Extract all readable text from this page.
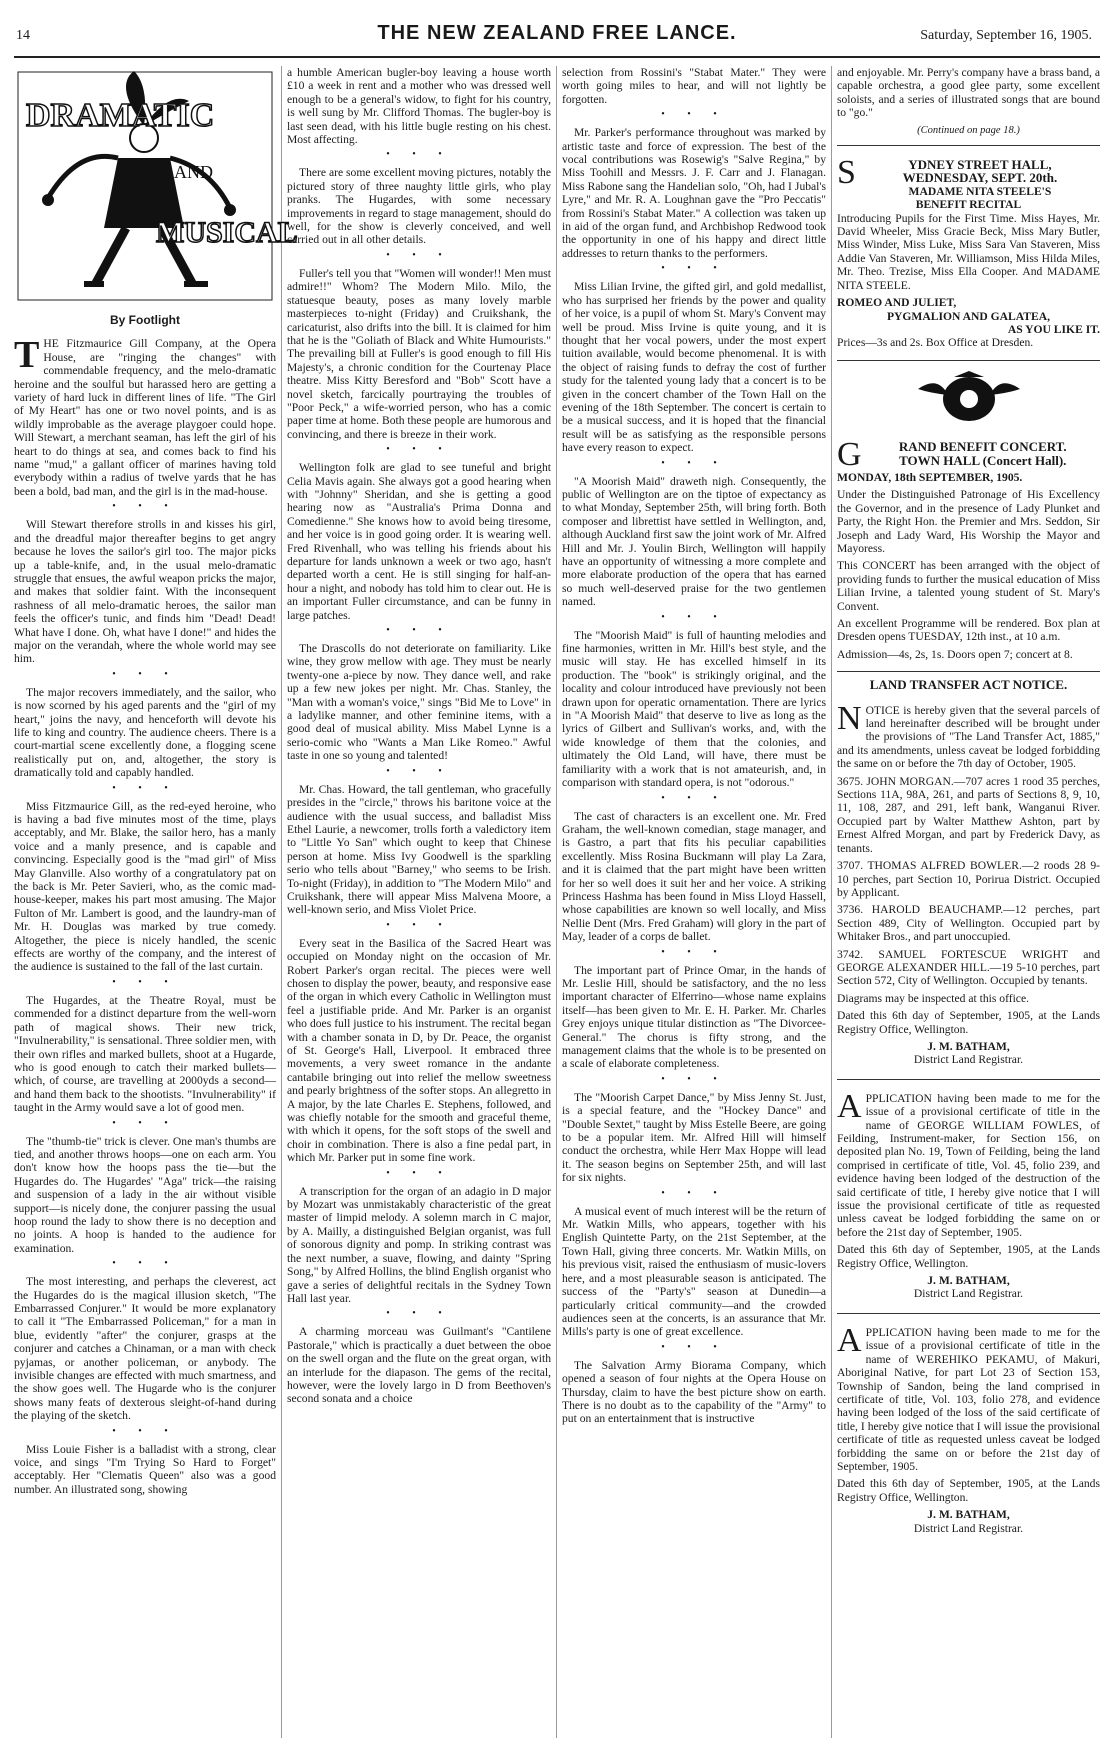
14	THE NEW ZEALAND FREE LANCE.	Saturday, September 16, 1905.
DRAMATIC
AND
MUSICAL
By Footlight

THE Fitzmaurice Gill Company, at the Opera House, are "ringing the changes" with commendable frequency, and the melo-dramatic heroine and the soulful but harassed hero are getting a variety of hard luck in different lines of life. "The Girl of My Heart" has one or two novel points, and is as wildly improbable as the average playgoer could hope. Will Stewart, a merchant seaman, has left the girl of his heart to do things at sea, and comes back to find his name "mud," a gallant officer of marines having told everybody within a radius of twelve yards that he has been a bold, bad man, and the girl is in the mad-house.

• • •

Will Stewart therefore strolls in and kisses his girl, and the dreadful major thereafter begins to get angry because he loves the sailor's girl too. The major picks up a table-knife, and, in the usual melo-dramatic struggle that ensues, the awful weapon pricks the major, and makes that soldier faint. With the inconsequent rashness of all melo-dramatic heroes, the sailor man feels the officer's tunic, and finds him "Dead! Dead! What have I done. Oh, what have I done!" and hides the major on the verandah, where the whole world may see him.

• • •

The major recovers immediately, and the sailor, who is now scorned by his aged parents and the "girl of my heart," joins the navy, and henceforth will devote his life to king and country. The audience cheers. There is a court-martial scene excellently done, a flogging scene realistically put on, and, altogether, the story is dramatically told and capably handled.

• • •

Miss Fitzmaurice Gill, as the red-eyed heroine, who is having a bad five minutes most of the time, plays acceptably, and Mr. Blake, the sailor hero, has a manly voice and a manly presence, and is capable and convincing. Especially good is the "mad girl" of Miss May Glanville. Also worthy of a congratulatory pat on the back is Mr. Peter Savieri, who, as the comic mad-house-keeper, makes his part most amusing. The Major Fulton of Mr. Lambert is good, and the laundry-man of Mr. H. Douglas was marked by true comedy. Altogether, the piece is nicely handled, the scenic effects are worthy of the company, and the interest of the audience is sustained to the fall of the last curtain.

• • •

The Hugardes, at the Theatre Royal, must be commended for a distinct departure from the well-worn path of magical shows. Their new trick, "Invulnerability," is sensational. Three soldier men, with their own rifles and marked bullets, shoot at a Hugarde, who is good enough to catch their marked bullets—which, of course, are travelling at 2000yds a second—and hand them back to the shootists. "Invulnerability" if taught in the Army would save a lot of good men.

• • •

The "thumb-tie" trick is clever. One man's thumbs are tied, and another throws hoops—one on each arm. You don't know how the hoops pass the tie—but the Hugardes do. The Hugardes' "Aga" trick—the raising and suspension of a lady in the air without visible support—is nicely done, the conjurer passing the usual hoop round the lady to show there is no deception and no joints. A hoop is handed to the audience for examination.

• • •

The most interesting, and perhaps the cleverest, act the Hugardes do is the magical illusion sketch, "The Embarrassed Conjurer." It would be more explanatory to call it "The Embarrassed Policeman," for a man in blue, evidently "after" the conjurer, grasps at the conjurer and catches a Chinaman, or a man with check pyjamas, or another policeman, or anybody. The invisible changes are effected with much smartness, and the show goes well. The Hugarde who is the conjurer shows many feats of dexterous sleight-of-hand during the playing of the sketch.

• • •

Miss Louie Fisher is a balladist with a strong, clear voice, and sings "I'm Trying So Hard to Forget" acceptably. Her "Clematis Queen" also was a good number. An illustrated song, showing

a humble American bugler-boy leaving a house worth £10 a week in rent and a mother who was dressed well enough to be a general's widow, to fight for his country, is well sung by Mr. Clifford Thomas. The bugler-boy is last seen dead, with his little bugle resting on his chest. Most affecting.

• • •

There are some excellent moving pictures, notably the pictured story of three naughty little girls, who play pranks. The Hugardes, with some necessary improvements in regard to stage management, should do well, for the show is cleverly conceived, and well carried out in all other details.

• • •

Fuller's tell you that "Women will wonder!! Men must admire!!" Whom? The Modern Milo. Milo, the statuesque beauty, poses as many lovely marble masterpieces to-night (Friday) and Cruikshank, the caricaturist, also drifts into the bill. It is claimed for him that he is the "Goliath of Black and White Humourists." The prevailing bill at Fuller's is good enough to fill His Majesty's, a chronic condition for the Courtenay Place theatre. Miss Kitty Beresford and "Bob" Scott have a novel sketch, farcically pourtraying the troubles of "Poor Peck," a wife-worried person, who has a comic paper time at home. Both these people are humorous and convincing, and there is breeze in their work.

• • •

Wellington folk are glad to see tuneful and bright Celia Mavis again. She always got a good hearing when with "Johnny" Sheridan, and she is getting a good hearing now as "Australia's Prima Donna and Comedienne." She knows how to avoid being tiresome, and her voice is in good going order. It is wearing well. Fred Rivenhall, who was telling his friends about his departure for lands unknown a week or two ago, hasn't departed worth a cent. He is still singing for half-an-hour a night, and nobody has told him to clear out. He is an important Fuller circumstance, and can be funny in large patches.

• • •

The Drascolls do not deteriorate on familiarity. Like wine, they grow mellow with age. They must be nearly twenty-one a-piece by now. They dance well, and rake up a few new jokes per night. Mr. Chas. Stanley, the "Man with a woman's voice," sings "Bid Me to Love" in a ladylike manner, and other feminine items, with a good deal of musical ability. Miss Mabel Lynne is a serio-comic who "Wants a Man Like Romeo." Awful taste in one so young and talented!

• • •

Mr. Chas. Howard, the tall gentleman, who gracefully presides in the "circle," throws his baritone voice at the audience with the usual success, and balladist Miss Ethel Laurie, a newcomer, trolls forth a valedictory item to "Little Yo San" which ought to keep that Chinese person at home. Miss Ivy Goodwell is the sparkling serio who tells about "Barney," who seems to be Irish. To-night (Friday), in addition to "The Modern Milo" and Cruikshank, there will appear Miss Malvena Moore, a well-known serio, and Miss Violet Price.

• • •

Every seat in the Basilica of the Sacred Heart was occupied on Monday night on the occasion of Mr. Robert Parker's organ recital. The pieces were well chosen to display the power, beauty, and responsive ease of the organ in which every Catholic in Wellington must feel a justifiable pride. And Mr. Parker is an organist who does full justice to his instrument. The recital began with a chamber sonata in D, by Dr. Peace, the organist of St. George's Hall, Liverpool. It embraced three movements, a very sweet romance in the andante cantabile bringing out into relief the mellow sweetness and pearly brightness of the softer stops. An allegretto in A major, by the late Charles E. Stephens, followed, and was chiefly notable for the smooth and graceful theme, with which it opens, for the soft stops of the swell and choir in combination. There is also a fine pedal part, in which Mr. Parker put in some fine work.

• • •

A transcription for the organ of an adagio in D major by Mozart was unmistakably characteristic of the great master of limpid melody. A solemn march in C major, by A. Mailly, a distinguished Belgian organist, was full of sonorous dignity and pomp. In striking contrast was the next number, a suave, flowing, and dainty "Spring Song," by Alfred Hollins, the blind English organist who gave a series of delightful recitals in the Sydney Town Hall last year.

• • •

A charming morceau was Guilmant's "Cantilene Pastorale," which is practically a duet between the oboe on the swell organ and the flute on the great organ, with an interlude for the diapason. The gems of the recital, however, were the lovely largo in D from Beethoven's second sonata and a choice

selection from Rossini's "Stabat Mater." They were worth going miles to hear, and will not lightly be forgotten.

• • •

Mr. Parker's performance throughout was marked by artistic taste and force of expression. The best of the vocal contributions was Rosewig's "Salve Regina," by Miss Toohill and Messrs. J. F. Carr and J. Flanagan. Miss Rabone sang the Handelian solo, "Oh, had I Jubal's Lyre," and Mr. R. A. Loughnan gave the "Pro Peccatis" from Rossini's Stabat Mater." A collection was taken up in aid of the organ fund, and Archbishop Redwood took the opportunity in one of his happy and direct little addresses to return thanks to the performers.

• • •

Miss Lilian Irvine, the gifted girl, and gold medallist, who has surprised her friends by the power and quality of her voice, is a pupil of whom St. Mary's Convent may well be proud. Miss Irvine is quite young, and it is thought that her vocal powers, under the most expert tuition available, would become phenomenal. It is with the object of raising funds to defray the cost of further study for the talented young lady that a concert is to be given in the concert chamber of the Town Hall on the evening of the 18th September. The concert is certain to be a musical success, and it is hoped that the financial result will be as satisfying as the responsible persons have every reason to expect.

• • •

"A Moorish Maid" draweth nigh. Consequently, the public of Wellington are on the tiptoe of expectancy as to what Monday, September 25th, will bring forth. Both composer and librettist have settled in Wellington, and, although Auckland first saw the joint work of Mr. Alfred Hill and Mr. J. Youlin Birch, Wellington will happily have an opportunity of witnessing a more complete and more elaborate production of the opera that has earned so much well-deserved praise for the two gentlemen named.

• • •

The "Moorish Maid" is full of haunting melodies and fine harmonies, written in Mr. Hill's best style, and the music will stay. He has excelled himself in its production. The "book" is strikingly original, and the locality and colour introduced have previously not been drawn upon for operatic ornamentation. There are lyrics in "A Moorish Maid" that deserve to live as long as the lyrics of Gilbert and Sullivan's works, and, with the wide knowledge of them that the colonies, and ultimately the Old Land, will have, there must be familiarity with a work that is not amateurish, and, in comparison with standard opera, is not "odorous."

• • •

The cast of characters is an excellent one. Mr. Fred Graham, the well-known comedian, stage manager, and is Gastro, a part that fits his peculiar capabilities excellently. Miss Rosina Buckmann will play La Zara, and it is claimed that the part might have been written for her so well does it suit her and her voice. A striking Princess Hashma has been found in Miss Lloyd Hassell, whose capabilities are known so well locally, and Miss Nellie Dent (Mrs. Fred Graham) will glory in the part of May, leader of a corps de ballet.

• • •

The important part of Prince Omar, in the hands of Mr. Leslie Hill, should be satisfactory, and the no less important character of Elferrino—whose name explains itself—has been given to Mr. E. H. Parker. Mr. Charles Grey enjoys unique titular distinction as "The Divorcee-General." The chorus is fifty strong, and the management claims that the whole is to be presented on a scale of elaborate completeness.

• • •

The "Moorish Carpet Dance," by Miss Jenny St. Just, is a special feature, and the "Hockey Dance" and "Double Sextet," taught by Miss Estelle Beere, are going to be a popular item. Mr. Alfred Hill will himself conduct the orchestra, while Herr Max Hoppe will lead it. The season begins on September 25th, and will last for six nights.

• • •

A musical event of much interest will be the return of Mr. Watkin Mills, who appears, together with his English Quintette Party, on the 21st September, at the Town Hall, giving three concerts. Mr. Watkin Mills, on his previous visit, raised the enthusiasm of music-lovers here, and a most pleasurable season is anticipated. The success of the "Party's" season at Dunedin—a particularly critical community—and the crowded audiences seen at the concerts, is an assurance that Mr. Mills's party is one of great excellence.

• • •

The Salvation Army Biorama Company, which opened a season of four nights at the Opera House on Thursday, claim to have the best picture show on earth. There is no doubt as to the capability of the "Army" to put on an entertainment that is instructive

and enjoyable. Mr. Perry's company have a brass band, a capable orchestra, a good glee party, some excellent soloists, and a series of illustrated songs that are bound to "go."

(Continued on page 18.)

S	YDNEY STREET HALL,
WEDNESDAY, SEPT. 20th.

MADAME NITA STEELE'S

BENEFIT RECITAL

Introducing Pupils for the First Time. Miss Hayes, Mr. David Wheeler, Miss Gracie Beck, Miss Mary Butler, Miss Winder, Miss Luke, Miss Sara Van Staveren, Miss Addie Van Staveren, Mr. Williamson, Miss Hilda Miles, Mr. Theo. Trezise, Miss Ella Cooper. And MADAME NITA STEELE.

ROMEO AND JULIET,

PYGMALION AND GALATEA,

AS YOU LIKE IT.

Prices—3s and 2s. Box Office at Dresden.

G	RAND BENEFIT CONCERT.
TOWN HALL (Concert Hall).

MONDAY, 18th SEPTEMBER, 1905.

Under the Distinguished Patronage of His Excellency the Governor, and in the presence of Lady Plunket and Party, the Right Hon. the Premier and Mrs. Seddon, Sir Joseph and Lady Ward, His Worship the Mayor and Mayoress.

This CONCERT has been arranged with the object of providing funds to further the musical education of Miss Lilian Irvine, a talented young student of St. Mary's Convent.

An excellent Programme will be rendered. Box plan at Dresden opens TUESDAY, 12th inst., at 10 a.m.

Admission—4s, 2s, 1s. Doors open 7; concert at 8.

LAND TRANSFER ACT NOTICE.

NOTICE is hereby given that the several parcels of land hereinafter described will be brought under the provisions of "The Land Transfer Act, 1885," and its amendments, unless caveat be lodged forbidding the same on or before the 7th day of October, 1905.

3675. JOHN MORGAN.—707 acres 1 rood 35 perches, Sections 11A, 98A, 261, and parts of Sections 8, 9, 10, 11, 108, 287, and 291, left bank, Wanganui River. Occupied part by Walter Matthew Ashton, part by Ernest Alfred Morgan, and part by Frederick Davy, as tenants.

3707. THOMAS ALFRED BOWLER.—2 roods 28 9-10 perches, part Section 10, Porirua District. Occupied by Applicant.

3736. HAROLD BEAUCHAMP.—12 perches, part Section 489, City of Wellington. Occupied part by Whitaker Bros., and part unoccupied.

3742. SAMUEL FORTESCUE WRIGHT and GEORGE ALEXANDER HILL.—19 5-10 perches, part Section 572, City of Wellington. Occupied by tenants.

Diagrams may be inspected at this office.

Dated this 6th day of September, 1905, at the Lands Registry Office, Wellington.

J. M. BATHAM,

District Land Registrar.

APPLICATION having been made to me for the issue of a provisional certificate of title in the name of GEORGE WILLIAM FOWLES, of Feilding, Instrument-maker, for Section 156, on deposited plan No. 19, Town of Feilding, being the land comprised in certificate of title, Vol. 45, folio 239, and evidence having been lodged of the destruction of the said certificate of title, I hereby give notice that I will issue the provisional certificate of title as requested unless caveat be lodged forbidding the same on or before the 21st day of September, 1905.

Dated this 6th day of September, 1905, at the Lands Registry Office, Wellington.

J. M. BATHAM,

District Land Registrar.

APPLICATION having been made to me for the issue of a provisional certificate of title in the name of WEREHIKO PEKAMU, of Makuri, Aboriginal Native, for part Lot 23 of Section 153, Township of Sandon, being the land comprised in certificate of title, Vol. 103, folio 278, and evidence having been lodged of the loss of the said certificate of title, I hereby give notice that I will issue the provisional certificate of title as requested unless caveat be lodged forbidding the same on or before the 21st day of September, 1905.

Dated this 6th day of September, 1905, at the Lands Registry Office, Wellington.

J. M. BATHAM,

District Land Registrar.
